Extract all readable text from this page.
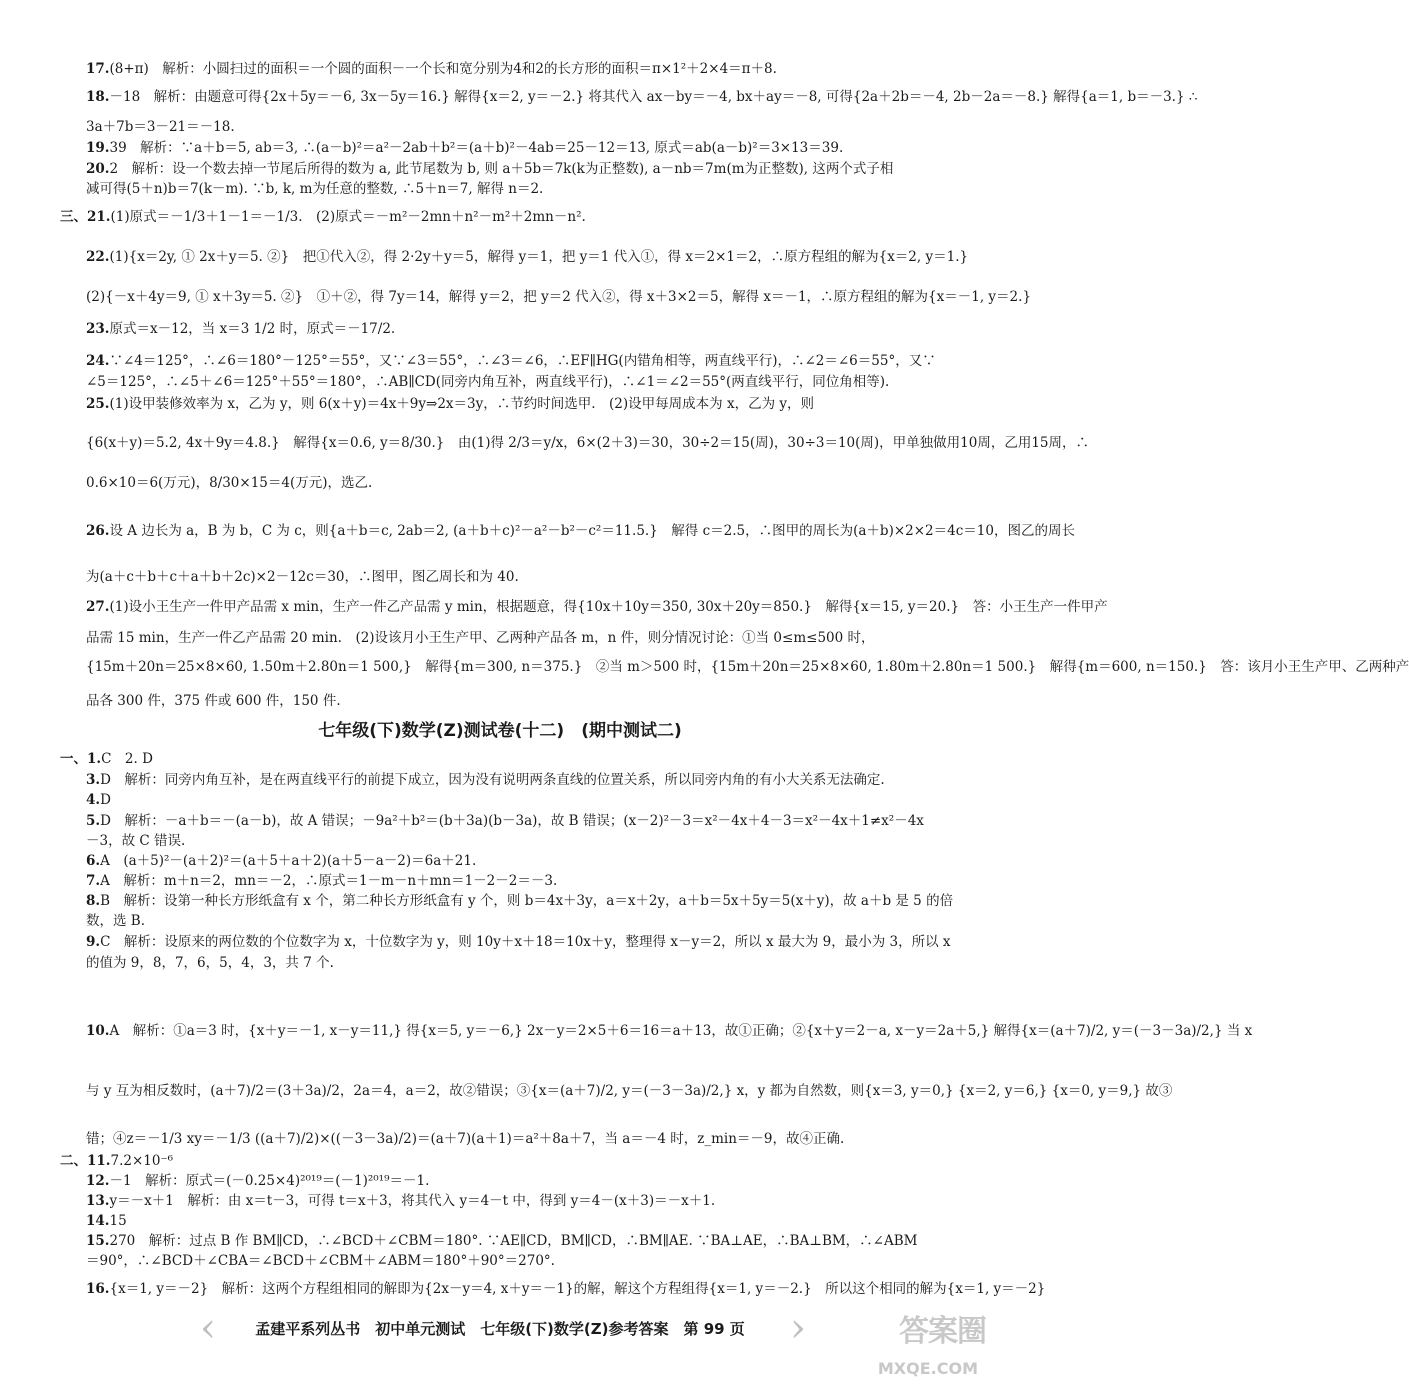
17.(8+π)　解析：小圆扫过的面积＝一个圆的面积－一个长和宽分别为4和2的长方形的面积＝π×1²＋2×4＝π＋8.
18.－18　解析：由题意可得{2x＋5y＝－6, 3x－5y＝16.} 解得{x＝2, y＝－2.} 将其代入 ax－by＝－4, bx＋ay＝－8, 可得{2a＋2b＝－4, 2b－2a＝－8.} 解得{a＝1, b＝－3.} ∴
3a＋7b＝3－21＝－18.
19.39　解析：∵a＋b＝5, ab＝3, ∴(a－b)²＝a²－2ab＋b²＝(a＋b)²－4ab＝25－12＝13, 原式＝ab(a－b)²＝3×13＝39.
20.2　解析：设一个数去掉一节尾后所得的数为 a, 此节尾数为 b, 则 a＋5b＝7k(k为正整数), a－nb＝7m(m为正整数), 这两个式子相
减可得(5＋n)b＝7(k－m). ∵b, k, m为任意的整数, ∴5＋n＝7, 解得 n＝2.
三、21.(1)原式＝－1/3＋1－1＝－1/3.　(2)原式＝－m²－2mn＋n²－m²＋2mn－n².
22.(1){x＝2y, ① 2x＋y＝5. ②}　把①代入②，得 2·2y＋y＝5，解得 y＝1，把 y＝1 代入①，得 x＝2×1＝2，∴原方程组的解为{x＝2, y＝1.}
(2){－x＋4y＝9, ① x＋3y＝5. ②}　①＋②，得 7y＝14，解得 y＝2，把 y＝2 代入②，得 x＋3×2＝5，解得 x＝－1，∴原方程组的解为{x＝－1, y＝2.}
23.原式＝x－12，当 x＝3 1/2 时，原式＝－17/2.
24.∵∠4＝125°，∴∠6＝180°－125°＝55°，又∵∠3＝55°，∴∠3＝∠6，∴EF∥HG(内错角相等，两直线平行)，∴∠2＝∠6＝55°，又∵
∠5＝125°，∴∠5＋∠6＝125°＋55°＝180°，∴AB∥CD(同旁内角互补，两直线平行)，∴∠1＝∠2＝55°(两直线平行，同位角相等).
25.(1)设甲装修效率为 x，乙为 y，则 6(x＋y)＝4x＋9y⇒2x＝3y，∴节约时间选甲.　(2)设甲每周成本为 x，乙为 y，则
{6(x＋y)＝5.2, 4x＋9y＝4.8.}　解得{x＝0.6, y＝8/30.}　由(1)得 2/3＝y/x，6×(2＋3)＝30，30÷2＝15(周)，30÷3＝10(周)，甲单独做用10周，乙用15周，∴
0.6×10＝6(万元)，8/30×15＝4(万元)，选乙.
26.设 A 边长为 a，B 为 b，C 为 c，则{a＋b＝c, 2ab＝2, (a＋b＋c)²－a²－b²－c²＝11.5.}　解得 c＝2.5，∴图甲的周长为(a＋b)×2×2＝4c＝10，图乙的周长
为(a＋c＋b＋c＋a＋b＋2c)×2－12c＝30，∴图甲，图乙周长和为 40.
27.(1)设小王生产一件甲产品需 x min，生产一件乙产品需 y min，根据题意，得{10x＋10y＝350, 30x＋20y＝850.}　解得{x＝15, y＝20.}　答：小王生产一件甲产
品需 15 min，生产一件乙产品需 20 min.　(2)设该月小王生产甲、乙两种产品各 m，n 件，则分情况讨论：①当 0≤m≤500 时，
{15m＋20n＝25×8×60, 1.50m＋2.80n＝1 500,}　解得{m＝300, n＝375.}　②当 m＞500 时，{15m＋20n＝25×8×60, 1.80m＋2.80n＝1 500.}　解得{m＝600, n＝150.}　答：该月小王生产甲、乙两种产
品各 300 件，375 件或 600 件，150 件.
七年级(下)数学(Z)测试卷(十二)　(期中测试二)
一、1.C　2. D
3.D　解析：同旁内角互补，是在两直线平行的前提下成立，因为没有说明两条直线的位置关系，所以同旁内角的有小大关系无法确定.
4.D
5.D　解析：－a＋b＝－(a－b)，故 A 错误；－9a²＋b²＝(b＋3a)(b－3a)，故 B 错误；(x－2)²－3＝x²－4x＋4－3＝x²－4x＋1≠x²－4x
－3，故 C 错误.
6.A　(a＋5)²－(a＋2)²＝(a＋5＋a＋2)(a＋5－a－2)＝6a＋21.
7.A　解析：m＋n＝2，mn＝－2，∴原式＝1－m－n＋mn＝1－2－2＝－3.
8.B　解析：设第一种长方形纸盒有 x 个，第二种长方形纸盒有 y 个，则 b＝4x＋3y，a＝x＋2y，a＋b＝5x＋5y＝5(x＋y)，故 a＋b 是 5 的倍
数，选 B.
9.C　解析：设原来的两位数的个位数字为 x，十位数字为 y，则 10y＋x＋18＝10x＋y，整理得 x－y＝2，所以 x 最大为 9，最小为 3，所以 x
的值为 9，8，7，6，5，4，3，共 7 个.
10.A　解析：①a＝3 时，{x＋y＝－1, x－y＝11,} 得{x＝5, y＝－6,} 2x－y＝2×5＋6＝16＝a＋13，故①正确；②{x＋y＝2－a, x－y＝2a＋5,} 解得{x＝(a＋7)/2, y＝(－3－3a)/2,} 当 x
与 y 互为相反数时，(a＋7)/2＝(3＋3a)/2，2a＝4，a＝2，故②错误；③{x＝(a＋7)/2, y＝(－3－3a)/2,} x，y 都为自然数，则{x＝3, y＝0,} {x＝2, y＝6,} {x＝0, y＝9,} 故③
错；④z＝－1/3 xy＝－1/3 ((a＋7)/2)×((－3－3a)/2)＝(a＋7)(a＋1)＝a²＋8a＋7，当 a＝－4 时，z_min＝－9，故④正确.
二、11.7.2×10⁻⁶
12.－1　解析：原式＝(－0.25×4)²⁰¹⁹＝(－1)²⁰¹⁹＝－1.
13.y＝－x＋1　解析：由 x＝t－3，可得 t＝x＋3，将其代入 y＝4－t 中，得到 y＝4－(x＋3)＝－x＋1.
14.15
15.270　解析：过点 B 作 BM∥CD，∴∠BCD＋∠CBM＝180°. ∵AE∥CD，BM∥CD，∴BM∥AE. ∵BA⊥AE，∴BA⊥BM，∴∠ABM
＝90°，∴∠BCD＋∠CBA＝∠BCD＋∠CBM＋∠ABM＝180°＋90°＝270°.
16.{x＝1, y＝－2}　解析：这两个方程组相同的解即为{2x－y＝4, x＋y＝－1}的解，解这个方程组得{x＝1, y＝－2.}　所以这个相同的解为{x＝1, y＝－2}
‹	›
孟建平系列丛书　初中单元测试　七年级(下)数学(Z)参考答案　第 99 页	答案圈
MXQE.COM
